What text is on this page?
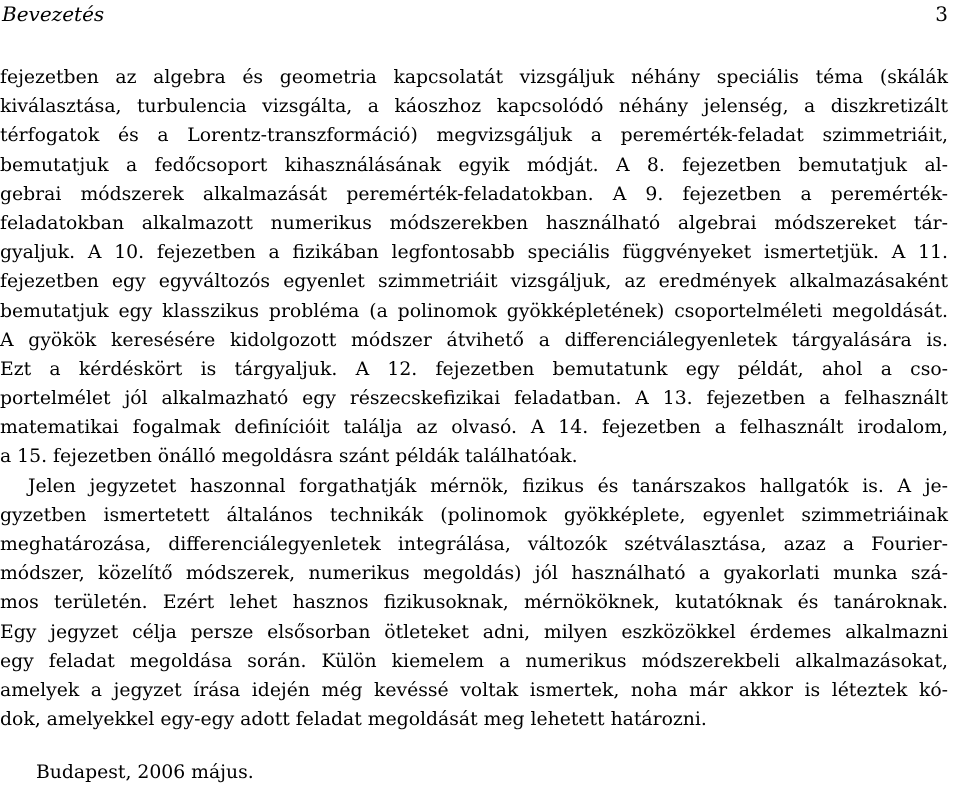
Bevezetés	3
fejezetben az algebra és geometria kapcsolatát vizsgáljuk néhány speciális téma (skálák
kiválasztása, turbulencia vizsgálta, a káoszhoz kapcsolódó néhány jelenség, a diszkretizált
térfogatok és a Lorentz-transzformáció) megvizsgáljuk a peremérték-feladat szimmetriáit,
bemutatjuk a fedőcsoport kihasználásának egyik módját. A 8. fejezetben bemutatjuk al-
gebrai módszerek alkalmazását peremérték-feladatokban. A 9. fejezetben a peremérték-
feladatokban alkalmazott numerikus módszerekben használható algebrai módszereket tár-
gyaljuk. A 10. fejezetben a fizikában legfontosabb speciális függvényeket ismertetjük. A 11.
fejezetben egy egyváltozós egyenlet szimmetriáit vizsgáljuk, az eredmények alkalmazásaként
bemutatjuk egy klasszikus probléma (a polinomok gyökképletének) csoportelméleti megoldását.
A gyökök keresésére kidolgozott módszer átvihető a differenciálegyenletek tárgyalására is.
Ezt a kérdéskört is tárgyaljuk. A 12. fejezetben bemutatunk egy példát, ahol a cso-
portelmélet jól alkalmazható egy részecskefizikai feladatban. A 13. fejezetben a felhasznált
matematikai fogalmak definícióit találja az olvasó. A 14. fejezetben a felhasznált irodalom,
a 15. fejezetben önálló megoldásra szánt példák találhatóak.
Jelen jegyzetet haszonnal forgathatják mérnök, fizikus és tanárszakos hallgatók is. A je-
gyzetben ismertetett általános technikák (polinomok gyökképlete, egyenlet szimmetriáinak
meghatározása, differenciálegyenletek integrálása, változók szétválasztása, azaz a Fourier-
módszer, közelítő módszerek, numerikus megoldás) jól használható a gyakorlati munka szá-
mos területén. Ezért lehet hasznos fizikusoknak, mérnököknek, kutatóknak és tanároknak.
Egy jegyzet célja persze elsősorban ötleteket adni, milyen eszközökkel érdemes alkalmazni
egy feladat megoldása során. Külön kiemelem a numerikus módszerekbeli alkalmazásokat,
amelyek a jegyzet írása idején még kevéssé voltak ismertek, noha már akkor is léteztek kó-
dok, amelyekkel egy-egy adott feladat megoldását meg lehetett határozni.
Budapest, 2006 május.
